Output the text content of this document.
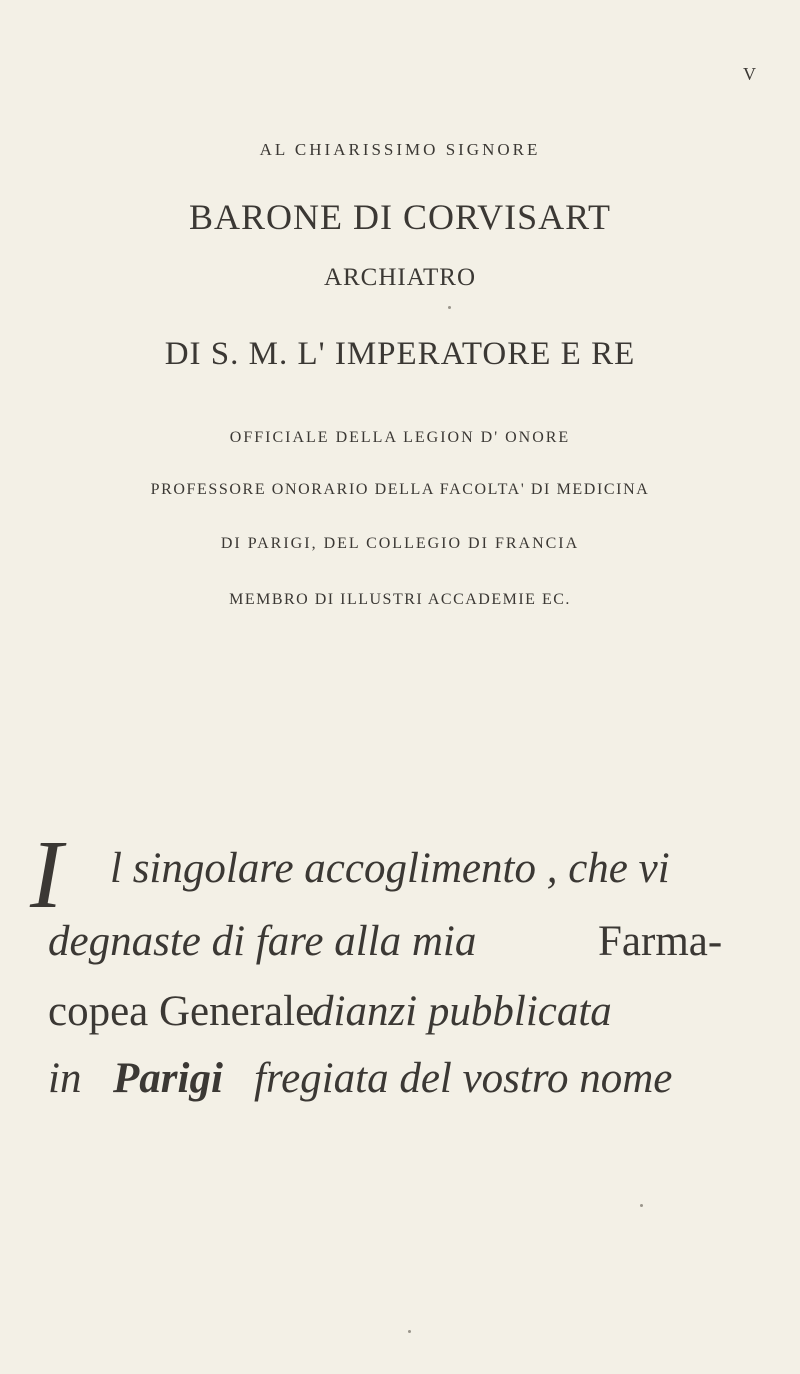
V
AL CHIARISSIMO SIGNORE
BARONE DI CORVISART
ARCHIATRO
DI S. M. L' IMPERATORE E RE
OFFICIALE DELLA LEGION D' ONORE
PROFESSORE ONORARIO DELLA FACOLTA' DI MEDICINA
DI PARIGI, DEL COLLEGIO DI FRANCIA
MEMBRO DI ILLUSTRI ACCADEMIE EC.
I l singolare accoglimento , che vi
degnaste di fare alla mia	Farma-
copea Generale
dianzi pubblicata
in Parigi fregiata del vostro nome
